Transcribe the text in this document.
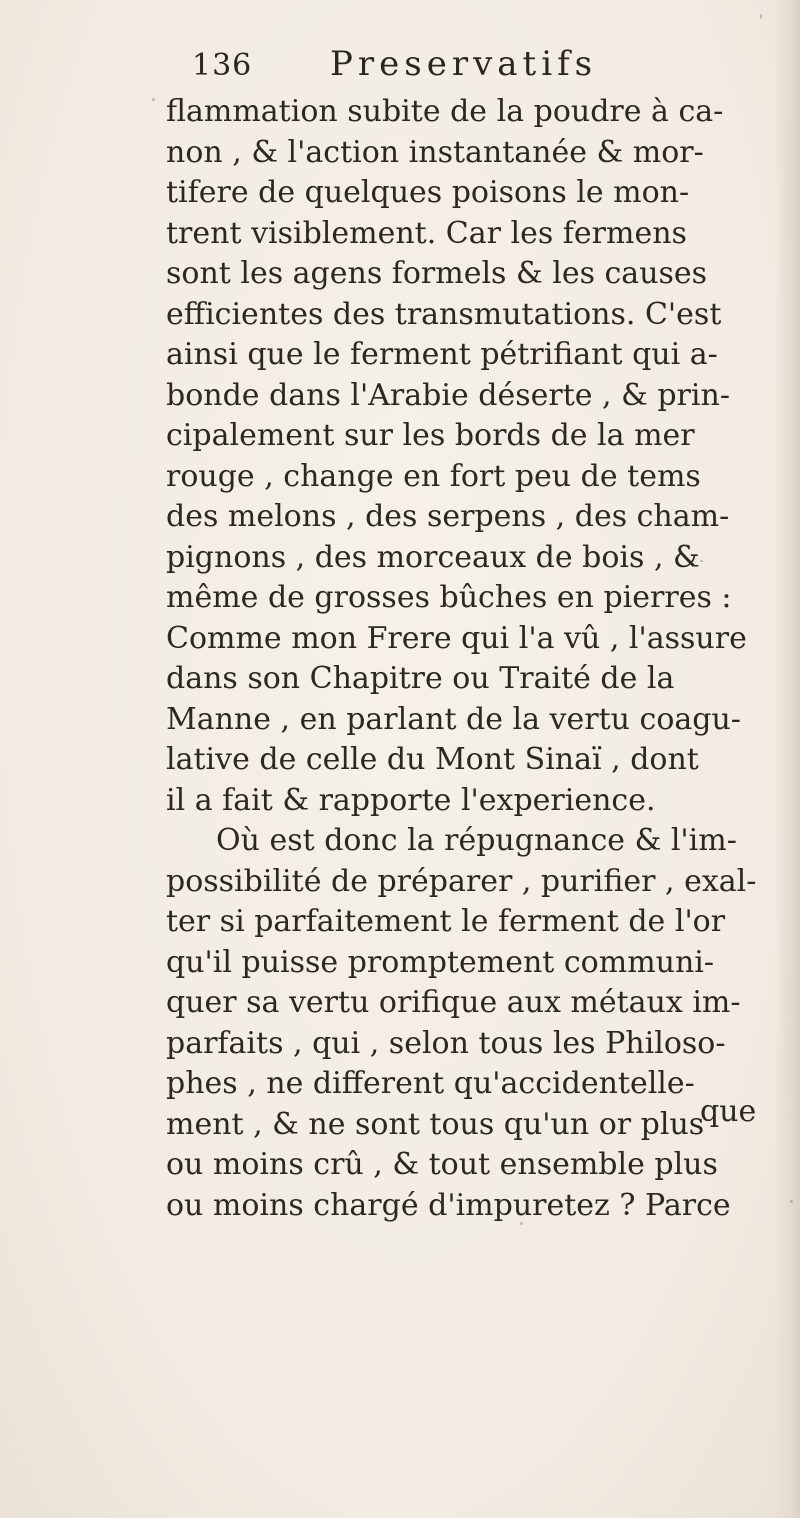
136 Preservatifs
flammation subite de la poudre à ca-
non , & l'action instantanée & mor-
tifere de quelques poisons le mon-
trent visiblement. Car les fermens
sont les agens formels & les causes
efficientes des transmutations. C'est
ainsi que le ferment pétrifiant qui a-
bonde dans l'Arabie déserte , & prin-
cipalement sur les bords de la mer
rouge , change en fort peu de tems
des melons , des serpens , des cham-
pignons , des morceaux de bois , &
même de grosses bûches en pierres :
Comme mon Frere qui l'a vû , l'assure
dans son Chapitre ou Traité de la
Manne , en parlant de la vertu coagu-
lative de celle du Mont Sinaï , dont
il a fait & rapporte l'experience.
Où est donc la répugnance & l'im-
possibilité de préparer , purifier , exal-
ter si parfaitement le ferment de l'or
qu'il puisse promptement communi-
quer sa vertu orifique aux métaux im-
parfaits , qui , selon tous les Philoso-
phes , ne different qu'accidentelle-
ment , & ne sont tous qu'un or plus
ou moins crû , & tout ensemble plus
ou moins chargé d'impuretez ? Parce
que
